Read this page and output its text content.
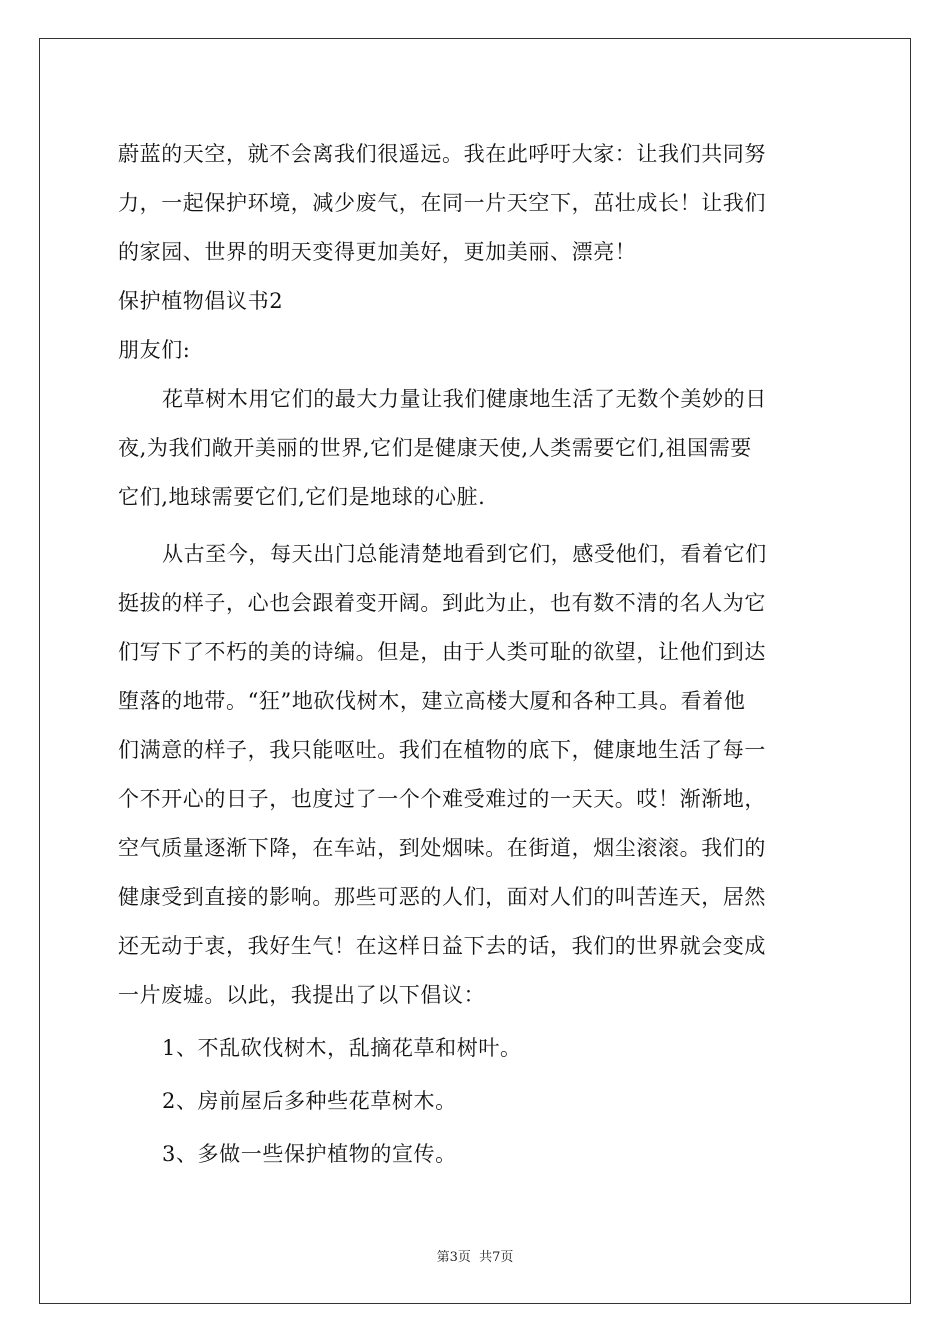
蔚蓝的天空，就不会离我们很遥远。我在此呼吁大家：让我们共同努
力，一起保护环境，减少废气，在同一片天空下，茁壮成长！让我们
的家园、世界的明天变得更加美好，更加美丽、漂亮！
保护植物倡议书2
朋友们:
花草树木用它们的最大力量让我们健康地生活了无数个美妙的日
夜,为我们敞开美丽的世界,它们是健康天使,人类需要它们,祖国需要
它们,地球需要它们,它们是地球的心脏.
从古至今，每天出门总能清楚地看到它们，感受他们，看着它们
挺拔的样子，心也会跟着变开阔。到此为止，也有数不清的名人为它
们写下了不朽的美的诗编。但是，由于人类可耻的欲望，让他们到达
堕落的地带。“狂”地砍伐树木，建立高楼大厦和各种工具。看着他
们满意的样子，我只能呕吐。我们在植物的底下，健康地生活了每一
个不开心的日子，也度过了一个个难受难过的一天天。哎！渐渐地，
空气质量逐渐下降，在车站，到处烟味。在街道，烟尘滚滚。我们的
健康受到直接的影响。那些可恶的人们，面对人们的叫苦连天，居然
还无动于衷，我好生气！在这样日益下去的话，我们的世界就会变成
一片废墟。以此，我提出了以下倡议：
1、不乱砍伐树木，乱摘花草和树叶。
2、房前屋后多种些花草树木。
3、多做一些保护植物的宣传。
第3页 共7页
